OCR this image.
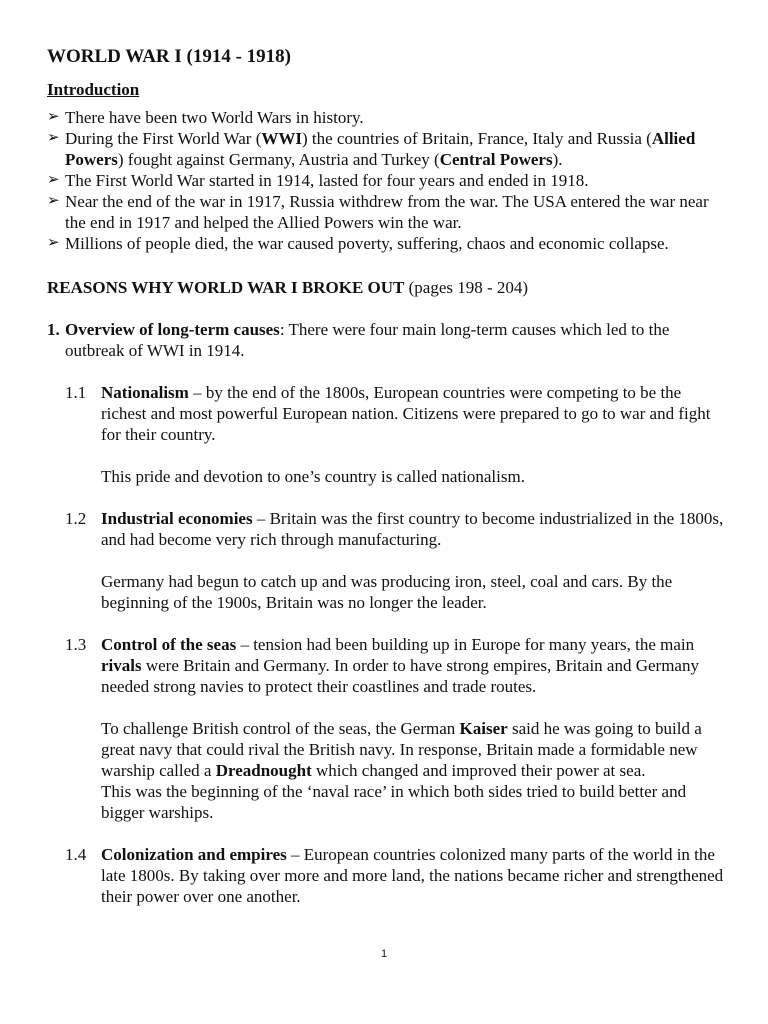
WORLD WAR I (1914 - 1918)
Introduction
➢ There have been two World Wars in history.
➢ During the First World War (WWI) the countries of Britain, France, Italy and Russia (Allied Powers) fought against Germany, Austria and Turkey (Central Powers).
➢ The First World War started in 1914, lasted for four years and ended in 1918.
➢ Near the end of the war in 1917, Russia withdrew from the war. The USA entered the war near the end in 1917 and helped the Allied Powers win the war.
➢ Millions of people died, the war caused poverty, suffering, chaos and economic collapse.
REASONS WHY WORLD WAR I BROKE OUT (pages 198 - 204)
1. Overview of long-term causes: There were four main long-term causes which led to the outbreak of WWI in 1914.
1.1 Nationalism – by the end of the 1800s, European countries were competing to be the richest and most powerful European nation. Citizens were prepared to go to war and fight for their country.

This pride and devotion to one’s country is called nationalism.

1.2 Industrial economies – Britain was the first country to become industrialized in the 1800s, and had become very rich through manufacturing.

Germany had begun to catch up and was producing iron, steel, coal and cars. By the beginning of the 1900s, Britain was no longer the leader.

1.3 Control of the seas – tension had been building up in Europe for many years, the main rivals were Britain and Germany. In order to have strong empires, Britain and Germany needed strong navies to protect their coastlines and trade routes.

To challenge British control of the seas, the German Kaiser said he was going to build a great navy that could rival the British navy. In response, Britain made a formidable new warship called a Dreadnought which changed and improved their power at sea.

This was the beginning of the ‘naval race’ in which both sides tried to build better and bigger warships.

1.4 Colonization and empires – European countries colonized many parts of the world in the late 1800s. By taking over more and more land, the nations became richer and strengthened their power over one another.

1
